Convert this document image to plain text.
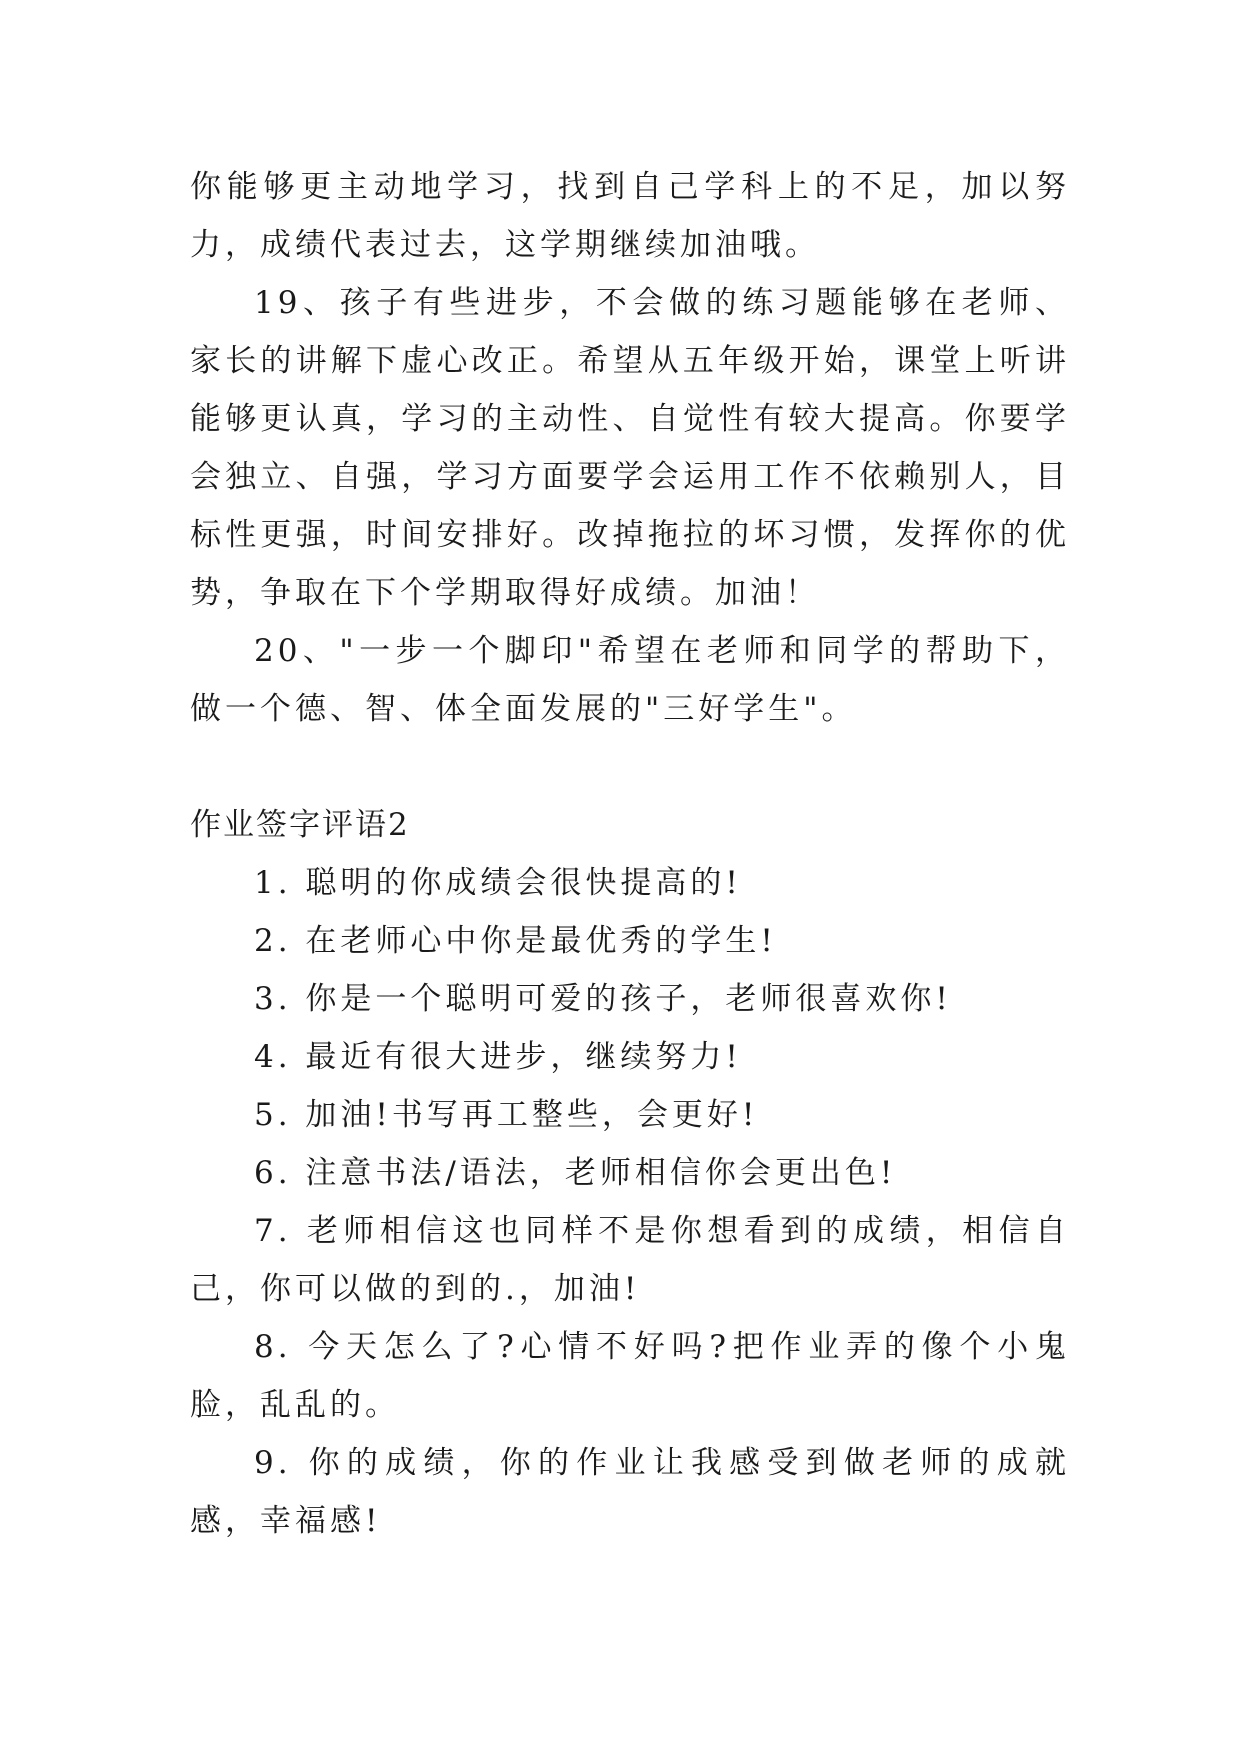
你能够更主动地学习，找到自己学科上的不足，加以努力，成绩代表过去，这学期继续加油哦。

19、孩子有些进步，不会做的练习题能够在老师、家长的讲解下虚心改正。希望从五年级开始，课堂上听讲能够更认真，学习的主动性、自觉性有较大提高。你要学会独立、自强，学习方面要学会运用工作不依赖别人，目标性更强，时间安排好。改掉拖拉的坏习惯，发挥你的优势，争取在下个学期取得好成绩。加油！

20、"一步一个脚印"希望在老师和同学的帮助下，做一个德、智、体全面发展的"三好学生"。

作业签字评语2

1. 聪明的你成绩会很快提高的!

2. 在老师心中你是最优秀的学生!

3. 你是一个聪明可爱的孩子，老师很喜欢你!

4. 最近有很大进步，继续努力!

5. 加油!书写再工整些，会更好!

6. 注意书法/语法，老师相信你会更出色!

7. 老师相信这也同样不是你想看到的成绩，相信自己，你可以做的到的.，加油!

8. 今天怎么了?心情不好吗?把作业弄的像个小鬼脸，乱乱的。

9. 你的成绩，你的作业让我感受到做老师的成就感，幸福感!
